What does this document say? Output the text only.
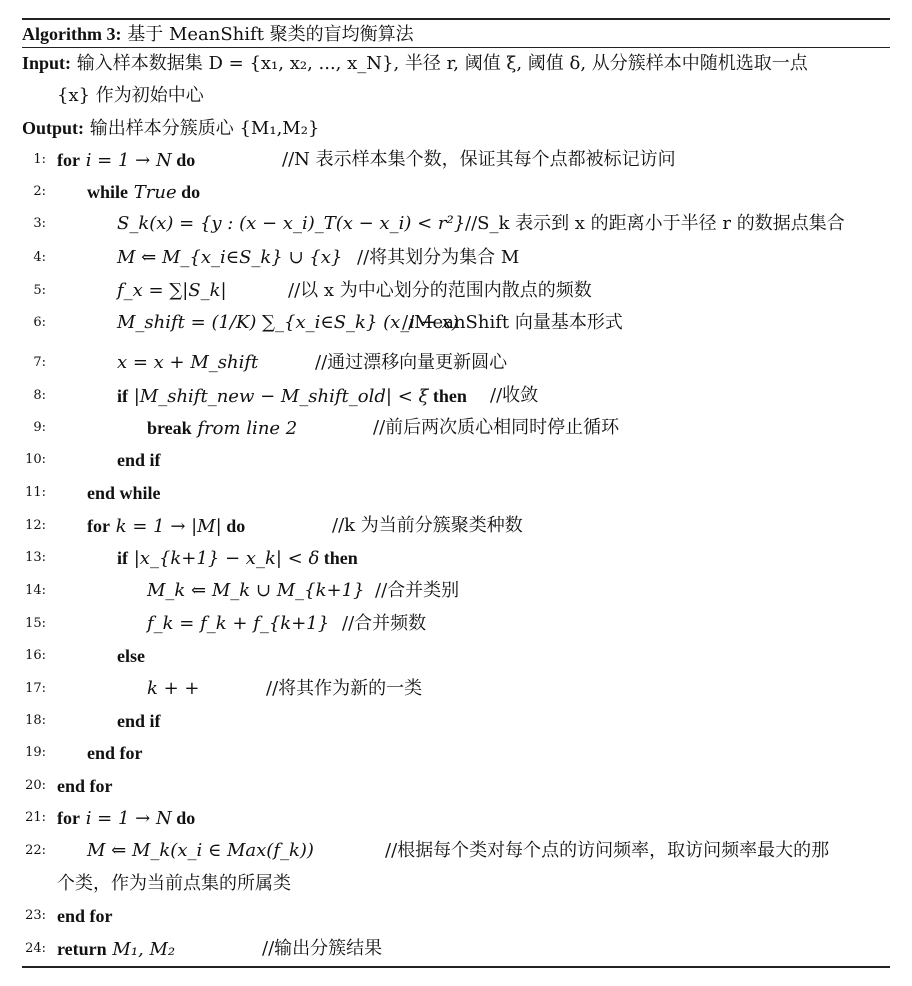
Algorithm 3: 基于 MeanShift 聚类的盲均衡算法
Input: 输入样本数据集 D = {x₁, x₂, ..., x_N}, 半径 r, 阈值 ξ, 阈值 δ, 从分簇样本中随机选取一点
{x} 作为初始中心
Output: 输出样本分簇质心 {M₁,M₂}
1: for i = 1 → N do	//N 表示样本集个数，保证其每个点都被标记访问
2: while True do
3:	S_k(x) = {y : (x − x_i)_T(x − x_i) < r²} //S_k 表示到 x 的距离小于半径 r 的数据点集合
4:	M ⇐ M_{x_i∈S_k} ∪ {x} //将其划分为集合 M
5:	f_x = ∑|S_k|	//以 x 为中心划分的范围内散点的频数
6:	M_shift = (1/K) ∑_{x_i∈S_k} (x_i − x)
//MeanShift 向量基本形式
7:	x = x + M_shift	//通过漂移向量更新圆心
8:	if |M_shift_new − M_shift_old| < ξ then //收敛
9:	break from line 2	//前后两次质心相同时停止循环
10:	end if
11: end while
12: for k = 1 → |M| do	//k 为当前分簇聚类种数
13:	if |x_{k+1} − x_k| < δ then
14:	M_k ⇐ M_k ∪ M_{k+1} //合并类别
15:	f_k = f_k + f_{k+1} //合并频数
16:	else
17:	k + +	//将其作为新的一类
18:	end if
19: end for
20: end for
21: for i = 1 → N do
22: M ⇐ M_k(x_i ∈ Max(f_k))	//根据每个类对每个点的访问频率，取访问频率最大的那
个类，作为当前点集的所属类
23: end for
24: return M₁, M₂	//输出分簇结果
